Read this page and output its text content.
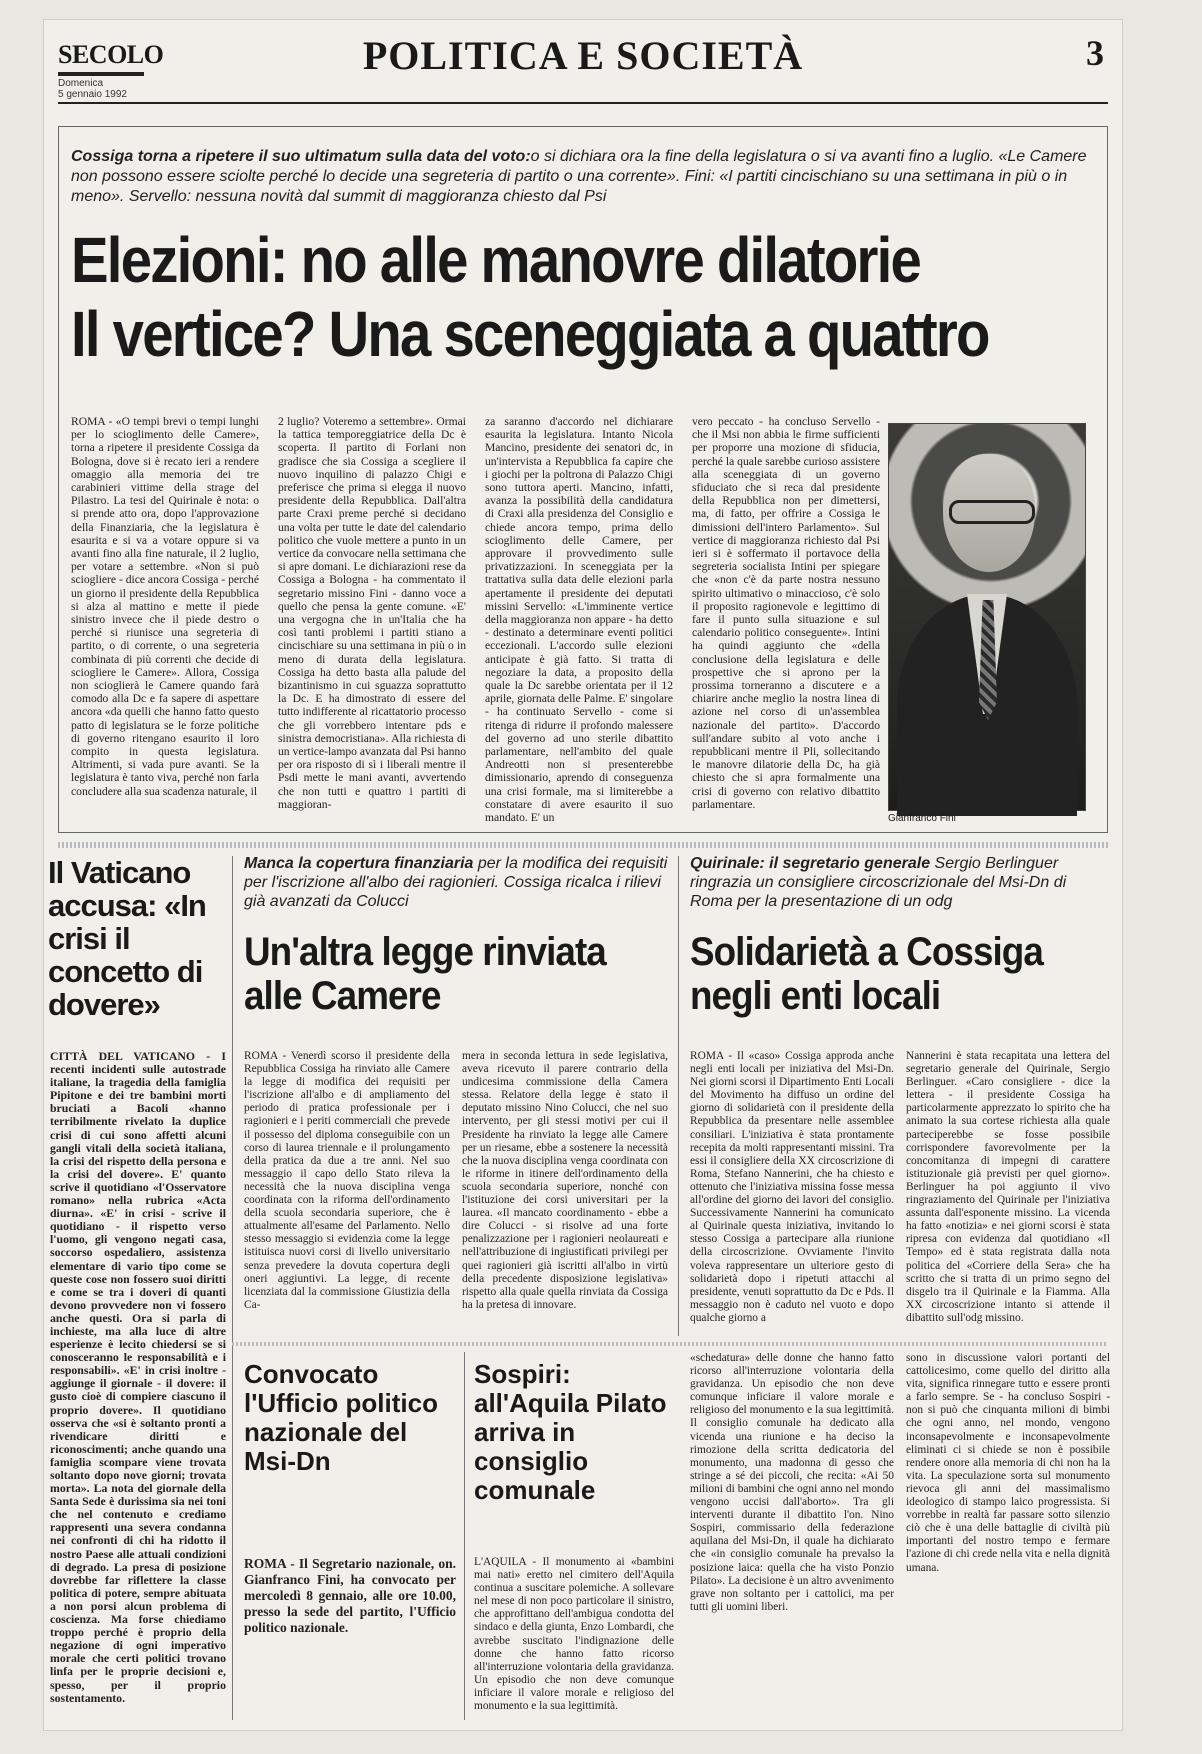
SECOLO
Domenica
5 gennaio 1992
POLITICA E SOCIETÀ	3
Cossiga torna a ripetere il suo ultimatum sulla data del voto:o si dichiara ora la fine della legislatura o si va avanti fino a luglio. «Le Camere non possono essere sciolte perché lo decide una segreteria di partito o una corrente». Fini: «I partiti cincischiano su una settimana in più o in meno». Servello: nessuna novità dal summit di maggioranza chiesto dal Psi
Elezioni: no alle manovre dilatorie
Il vertice? Una sceneggiata a quattro
ROMA - «O tempi brevi o tempi lunghi per lo scioglimento delle Camere», torna a ripetere il presidente Cossiga da Bologna, dove si è recato ieri a rendere omaggio alla memoria dei tre carabinieri vittime della strage del Pilastro. La tesi del Quirinale è nota: o si prende atto ora, dopo l'approvazione della Finanziaria, che la legislatura è esaurita e si va a votare oppure si va avanti fino alla fine naturale, il 2 luglio, per votare a settembre. «Non si può sciogliere - dice ancora Cossiga - perché un giorno il presidente della Repubblica si alza al mattino e mette il piede sinistro invece che il piede destro o perché si riunisce una segreteria di partito, o di corrente, o una segreteria combinata di più correnti che decide di sciogliere le Camere». Allora, Cossiga non scioglierà le Camere quando farà comodo alla Dc e fa sapere di aspettare ancora «da quelli che hanno fatto questo patto di legislatura se le forze politiche di governo ritengano esaurito il loro compito in questa legislatura. Altrimenti, si vada pure avanti. Se la legislatura è tanto viva, perché non farla concludere alla sua scadenza naturale, il
2 luglio? Voteremo a settembre». Ormai la tattica temporeggiatrice della Dc è scoperta. Il partito di Forlani non gradisce che sia Cossiga a scegliere il nuovo inquilino di palazzo Chigi e preferisce che prima si elegga il nuovo presidente della Repubblica. Dall'altra parte Craxi preme perché si decidano una volta per tutte le date del calendario politico che vuole mettere a punto in un vertice da convocare nella settimana che si apre domani. Le dichiarazioni rese da Cossiga a Bologna - ha commentato il segretario missino Fini - danno voce a quello che pensa la gente comune. «E' una vergogna che in un'Italia che ha così tanti problemi i partiti stiano a cincischiare su una settimana in più o in meno di durata della legislatura. Cossiga ha detto basta alla palude del bizantinismo in cui sguazza soprattutto la Dc. E ha dimostrato di essere del tutto indifferente al ricattatorio processo che gli vorrebbero intentare pds e sinistra democristiana». Alla richiesta di un vertice-lampo avanzata dal Psi hanno per ora risposto di sì i liberali mentre il Psdi mette le mani avanti, avvertendo che non tutti e quattro i partiti di maggioran-
za saranno d'accordo nel dichiarare esaurita la legislatura. Intanto Nicola Mancino, presidente dei senatori dc, in un'intervista a Repubblica fa capire che i giochi per la poltrona di Palazzo Chigi sono tuttora aperti. Mancino, infatti, avanza la possibilità della candidatura di Craxi alla presidenza del Consiglio e chiede ancora tempo, prima dello scioglimento delle Camere, per approvare il provvedimento sulle privatizzazioni. In sceneggiata per la trattativa sulla data delle elezioni parla apertamente il presidente dei deputati missini Servello: «L'imminente vertice della maggioranza non appare - ha detto - destinato a determinare eventi politici eccezionali. L'accordo sulle elezioni anticipate è già fatto. Si tratta di negoziare la data, a proposito della quale la Dc sarebbe orientata per il 12 aprile, giornata delle Palme. E' singolare - ha continuato Servello - come si ritenga di ridurre il profondo malessere del governo ad uno sterile dibattito parlamentare, nell'ambito del quale Andreotti non si presenterebbe dimissionario, aprendo di conseguenza una crisi formale, ma si limiterebbe a constatare di avere esaurito il suo mandato. E' un
vero peccato - ha concluso Servello - che il Msi non abbia le firme sufficienti per proporre una mozione di sfiducia, perché la quale sarebbe curioso assistere alla sceneggiata di un governo sfiduciato che si reca dal presidente della Repubblica non per dimettersi, ma, di fatto, per offrire a Cossiga le dimissioni dell'intero Parlamento». Sul vertice di maggioranza richiesto dal Psi ieri si è soffermato il portavoce della segreteria socialista Intini per spiegare che «non c'è da parte nostra nessuno spirito ultimativo o minaccioso, c'è solo il proposito ragionevole e legittimo di fare il punto sulla situazione e sul calendario politico conseguente». Intini ha quindi aggiunto che «della conclusione della legislatura e delle prospettive che si aprono per la prossima torneranno a discutere e a chiarire anche meglio la nostra linea di azione nel corso di un'assemblea nazionale del partito». D'accordo sull'andare subito al voto anche i repubblicani mentre il Pli, sollecitando le manovre dilatorie della Dc, ha già chiesto che si apra formalmente una crisi di governo con relativo dibattito parlamentare.
Gianfranco Fini
Il Vaticano accusa: «In crisi il concetto di dovere»
CITTÀ DEL VATICANO - I recenti incidenti sulle autostrade italiane, la tragedia della famiglia Pipitone e dei tre bambini morti bruciati a Bacoli «hanno terribilmente rivelato la duplice crisi di cui sono affetti alcuni gangli vitali della società italiana, la crisi del rispetto della persona e la crisi del dovere». E' quanto scrive il quotidiano «l'Osservatore romano» nella rubrica «Acta diurna». «E' in crisi - scrive il quotidiano - il rispetto verso l'uomo, gli vengono negati casa, soccorso ospedaliero, assistenza elementare di vario tipo come se queste cose non fossero suoi diritti e come se tra i doveri di quanti devono provvedere non vi fossero anche questi. Ora si parla di inchieste, ma alla luce di altre esperienze è lecito chiedersi se si conosceranno le responsabilità e i responsabili». «E' in crisi inoltre - aggiunge il giornale - il dovere: il gusto cioè di compiere ciascuno il proprio dovere». Il quotidiano osserva che «si è soltanto pronti a rivendicare diritti e riconoscimenti; anche quando una famiglia scompare viene trovata soltanto dopo nove giorni; trovata morta». La nota del giornale della Santa Sede è durissima sia nei toni che nel contenuto e crediamo rappresenti una severa condanna nei confronti di chi ha ridotto il nostro Paese alle attuali condizioni di degrado. La presa di posizione dovrebbe far riflettere la classe politica di potere, sempre abituata a non porsi alcun problema di coscienza. Ma forse chiediamo troppo perché è proprio della negazione di ogni imperativo morale che certi politici trovano linfa per le proprie decisioni e, spesso, per il proprio sostentamento.
Manca la copertura finanziaria per la modifica dei requisiti per l'iscrizione all'albo dei ragionieri. Cossiga ricalca i rilievi già avanzati da Colucci
Un'altra legge rinviata alle Camere
ROMA - Venerdì scorso il presidente della Repubblica Cossiga ha rinviato alle Camere la legge di modifica dei requisiti per l'iscrizione all'albo e di ampliamento del periodo di pratica professionale per i ragionieri e i periti commerciali che prevede il possesso del diploma conseguibile con un corso di laurea triennale e il prolungamento della pratica da due a tre anni. Nel suo messaggio il capo dello Stato rileva la necessità che la nuova disciplina venga coordinata con la riforma dell'ordinamento della scuola secondaria superiore, che è attualmente all'esame del Parlamento. Nello stesso messaggio si evidenzia come la legge istituisca nuovi corsi di livello universitario senza prevedere la dovuta copertura degli oneri aggiuntivi. La legge, di recente licenziata dal la commissione Giustizia della Ca-
mera in seconda lettura in sede legislativa, aveva ricevuto il parere contrario della undicesima commissione della Camera stessa. Relatore della legge è stato il deputato missino Nino Colucci, che nel suo intervento, per gli stessi motivi per cui il Presidente ha rinviato la legge alle Camere per un riesame, ebbe a sostenere la necessità che la nuova disciplina venga coordinata con le riforme in itinere dell'ordinamento della scuola secondaria superiore, nonché con l'istituzione dei corsi universitari per la laurea. «Il mancato coordinamento - ebbe a dire Colucci - si risolve ad una forte penalizzazione per i ragionieri neolaureati e nell'attribuzione di ingiustificati privilegi per quei ragionieri già iscritti all'albo in virtù della precedente disposizione legislativa» rispetto alla quale quella rinviata da Cossiga ha la pretesa di innovare.
Quirinale: il segretario generale Sergio Berlinguer ringrazia un consigliere circoscrizionale del Msi-Dn di Roma per la presentazione di un odg
Solidarietà a Cossiga negli enti locali
ROMA - Il «caso» Cossiga approda anche negli enti locali per iniziativa del Msi-Dn. Nei giorni scorsi il Dipartimento Enti Locali del Movimento ha diffuso un ordine del giorno di solidarietà con il presidente della Repubblica da presentare nelle assemblee consiliari. L'iniziativa è stata prontamente recepita da molti rappresentanti missini. Tra essi il consigliere della XX circoscrizione di Roma, Stefano Nannerini, che ha chiesto e ottenuto che l'iniziativa missina fosse messa all'ordine del giorno dei lavori del consiglio. Successivamente Nannerini ha comunicato al Quirinale questa iniziativa, invitando lo stesso Cossiga a partecipare alla riunione della circoscrizione. Ovviamente l'invito voleva rappresentare un ulteriore gesto di solidarietà dopo i ripetuti attacchi al presidente, venuti soprattutto da Dc e Pds. Il messaggio non è caduto nel vuoto e dopo qualche giorno a
Nannerini è stata recapitata una lettera del segretario generale del Quirinale, Sergio Berlinguer. «Caro consigliere - dice la lettera - il presidente Cossiga ha particolarmente apprezzato lo spirito che ha animato la sua cortese richiesta alla quale parteciperebbe se fosse possibile corrispondere favorevolmente per la concomitanza di impegni di carattere istituzionale già previsti per quel giorno». Berlinguer ha poi aggiunto il vivo ringraziamento del Quirinale per l'iniziativa assunta dall'esponente missino. La vicenda ha fatto «notizia» e nei giorni scorsi è stata ripresa con evidenza dal quotidiano «Il Tempo» ed è stata registrata dalla nota politica del «Corriere della Sera» che ha scritto che si tratta di un primo segno del disgelo tra il Quirinale e la Fiamma. Alla XX circoscrizione intanto si attende il dibattito sull'odg missino.
Convocato l'Ufficio politico nazionale del Msi-Dn
ROMA - Il Segretario nazionale, on. Gianfranco Fini, ha convocato per mercoledì 8 gennaio, alle ore 10.00, presso la sede del partito, l'Ufficio politico nazionale.
Sospiri: all'Aquila Pilato arriva in consiglio comunale
L'AQUILA - Il monumento ai «bambini mai nati» eretto nel cimitero dell'Aquila continua a suscitare polemiche. A sollevare nel mese di non poco particolare il sinistro, che approfittano dell'ambigua condotta del sindaco e della giunta, Enzo Lombardi, che avrebbe suscitato l'indignazione delle donne che hanno fatto ricorso all'interruzione volontaria della gravidanza. Un episodio che non deve comunque inficiare il valore morale e religioso del monumento e la sua legittimità.
«schedatura» delle donne che hanno fatto ricorso all'interruzione volontaria della gravidanza. Un episodio che non deve comunque inficiare il valore morale e religioso del monumento e la sua legittimità. Il consiglio comunale ha dedicato alla vicenda una riunione e ha deciso la rimozione della scritta dedicatoria del monumento, una madonna di gesso che stringe a sé dei piccoli, che recita: «Ai 50 milioni di bambini che ogni anno nel mondo vengono uccisi dall'aborto». Tra gli interventi durante il dibattito l'on. Nino Sospiri, commissario della federazione aquilana del Msi-Dn, il quale ha dichiarato che «in consiglio comunale ha prevalso la posizione laica: quella che ha visto Ponzio Pilato». La decisione è un altro avvenimento grave non soltanto per i cattolici, ma per tutti gli uomini liberi.
sono in discussione valori portanti del cattolicesimo, come quello del diritto alla vita, significa rinnegare tutto e essere pronti a farlo sempre. Se - ha concluso Sospiri - non si può che cinquanta milioni di bimbi che ogni anno, nel mondo, vengono inconsapevolmente e inconsapevolmente eliminati ci si chiede se non è possibile rendere onore alla memoria di chi non ha la vita. La speculazione sorta sul monumento rievoca gli anni del massimalismo ideologico di stampo laico progressista. Si vorrebbe in realtà far passare sotto silenzio ciò che è una delle battaglie di civiltà più importanti del nostro tempo e fermare l'azione di chi crede nella vita e nella dignità umana.
